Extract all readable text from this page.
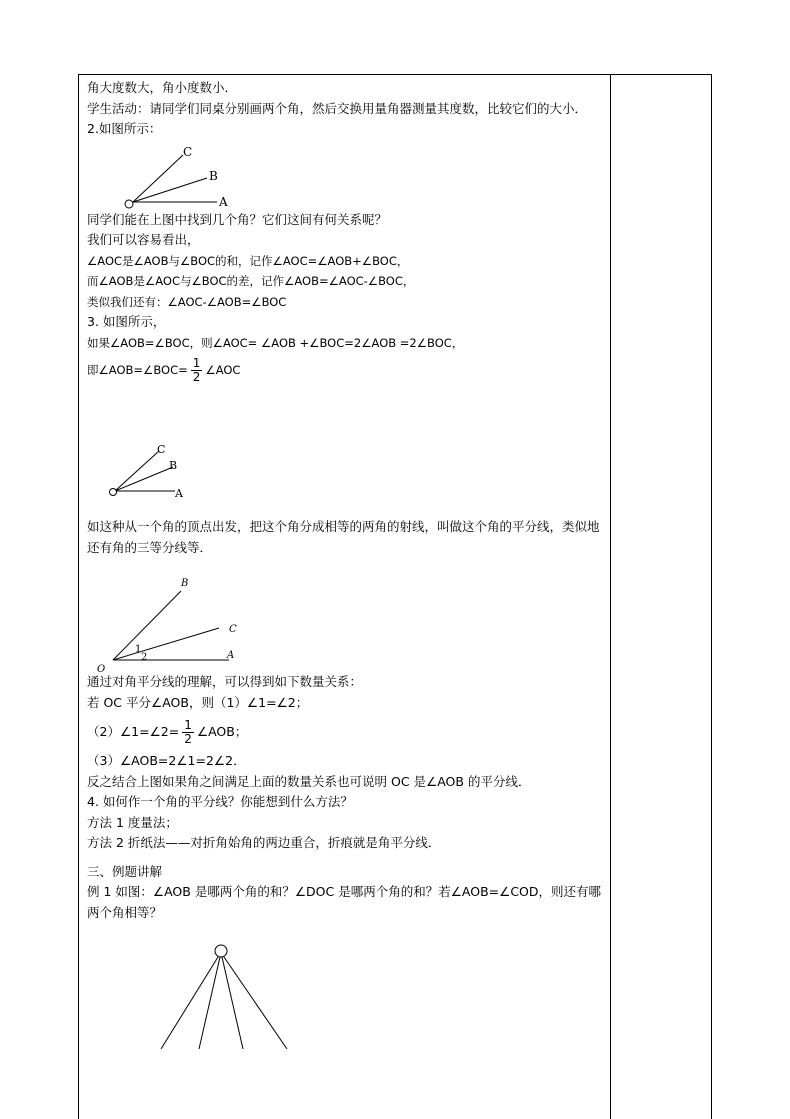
角大度数大，角小度数小．
学生活动：请同学们同桌分别画两个角，然后交换用量角器测量其度数，比较它们的大小．
2.如图所示：
A
B
C
同学们能在上图中找到几个角？它们这间有何关系呢？
我们可以容易看出，
∠AOC是∠AOB与∠BOC的和，记作∠AOC=∠AOB+∠BOC，
而∠AOB是∠AOC与∠BOC的差，记作∠AOB=∠AOC-∠BOC，
类似我们还有：∠AOC-∠AOB=∠BOC
3. 如图所示，
如果∠AOB=∠BOC，则∠AOC= ∠AOB +∠BOC=2∠AOB =2∠BOC，
即∠AOB=∠BOC= $\frac{1}{2}$ ∠AOC
A
B
C
如这种从一个角的顶点出发，把这个角分成相等的两角的射线，叫做这个角的平分线，类似地还有角的三等分线等．
O
A
B
C
1
2
通过对角平分线的理解，可以得到如下数量关系：
若 OC 平分∠AOB，则（1）∠1=∠2；
（2）∠1=∠2= $\frac{1}{2}$ ∠AOB；
（3）∠AOB=2∠1=2∠2．
反之结合上图如果角之间满足上面的数量关系也可说明 OC 是∠AOB 的平分线．
4. 如何作一个角的平分线？你能想到什么方法？
方法 1 度量法；
方法 2 折纸法——对折角始角的两边重合，折痕就是角平分线．
三、例题讲解
例 1 如图：∠AOB 是哪两个角的和？∠DOC 是哪两个角的和？若∠AOB=∠COD，则还有哪两个角相等？
